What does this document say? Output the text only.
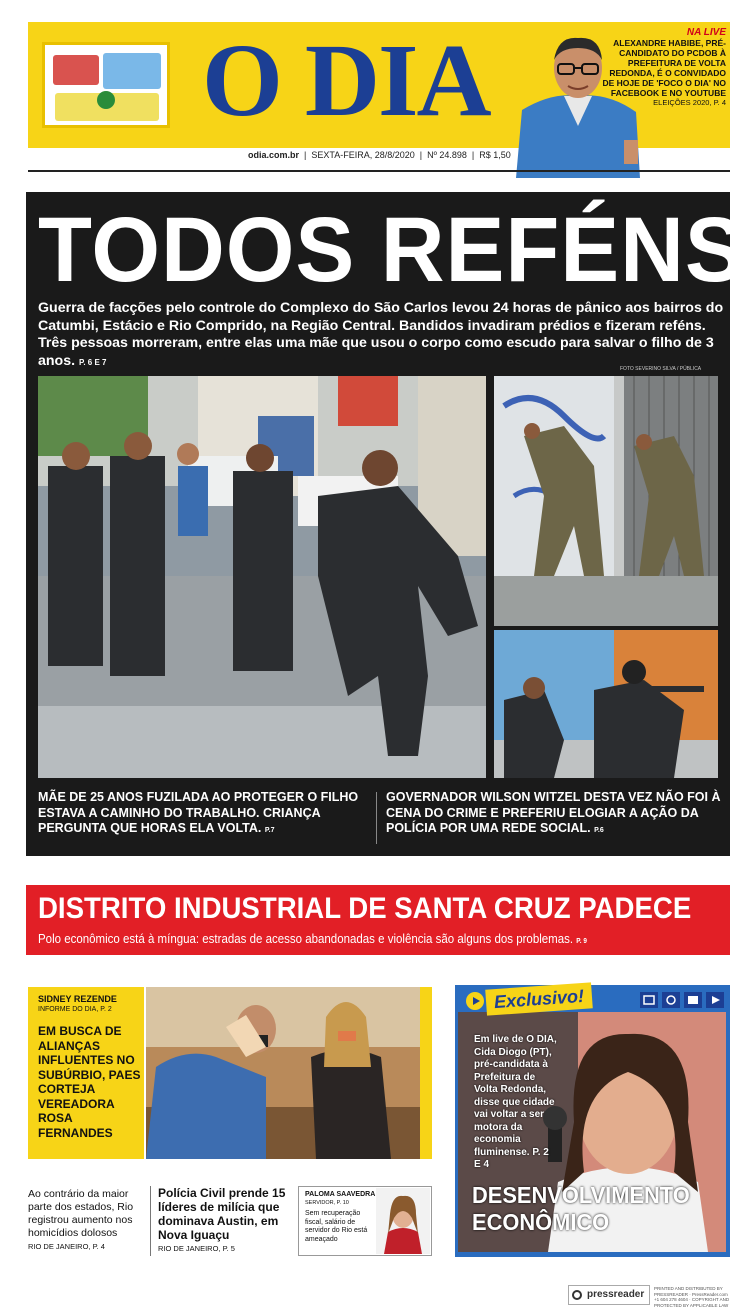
O DIA	NA LIVE
ALEXANDRE HABIBE, PRÉ-CANDIDATO DO PCDOB À PREFEITURA DE VOLTA REDONDA, É O CONVIDADO DE HOJE DE 'FOCO O DIA' NO FACEBOOK E NO YOUTUBE
ELEIÇÕES 2020, P. 4
odia.com.br  |  SEXTA-FEIRA, 28/8/2020  |  Nº 24.898  |  R$ 1,50
TODOS REFÉNS
Guerra de facções pelo controle do Complexo do São Carlos levou 24 horas de pânico aos bairros do Catumbi, Estácio e Rio Comprido, na Região Central. Bandidos invadiram prédios e fizeram reféns. Três pessoas morreram, entre elas uma mãe que usou o corpo como escudo para salvar o filho de 3 anos. P. 6 E 7
FOTO SEVERINO SILVA / PÚBLICA
MÃE DE 25 ANOS FUZILADA AO PROTEGER O FILHO ESTAVA A CAMINHO DO TRABALHO. CRIANÇA PERGUNTA QUE HORAS ELA VOLTA. P.7
GOVERNADOR WILSON WITZEL DESTA VEZ NÃO FOI À CENA DO CRIME E PREFERIU ELOGIAR A AÇÃO DA POLÍCIA POR UMA REDE SOCIAL. P.6
DISTRITO INDUSTRIAL DE SANTA CRUZ PADECE
Polo econômico está à míngua: estradas de acesso abandonadas e violência são alguns dos problemas. P. 9
SIDNEY REZENDE
INFORME DO DIA, P. 2
EM BUSCA DE ALIANÇAS INFLUENTES NO SUBÚRBIO, PAES CORTEJA VEREADORA ROSA FERNANDES
Ao contrário da maior parte dos estados, Rio registrou aumento nos homicídios dolosos
RIO DE JANEIRO, P. 4
Polícia Civil prende 15 líderes de milícia que dominava Austin, em Nova Iguaçu
RIO DE JANEIRO, P. 5
PALOMA SAAVEDRA
SERVIDOR, P. 10
Sem recuperação fiscal, salário de servidor do Rio está ameaçado
Exclusivo!
Em live de O DIA, Cida Diogo (PT), pré-candidata à Prefeitura de Volta Redonda, disse que cidade vai voltar a ser motora da economia fluminense. P. 2 E 4
DESENVOLVIMENTO ECONÔMICO
pressreader
PRINTED AND DISTRIBUTED BY PRESSREADER · PressReader.com +1 604 278 4604 · COPYRIGHT AND PROTECTED BY APPLICABLE LAW
